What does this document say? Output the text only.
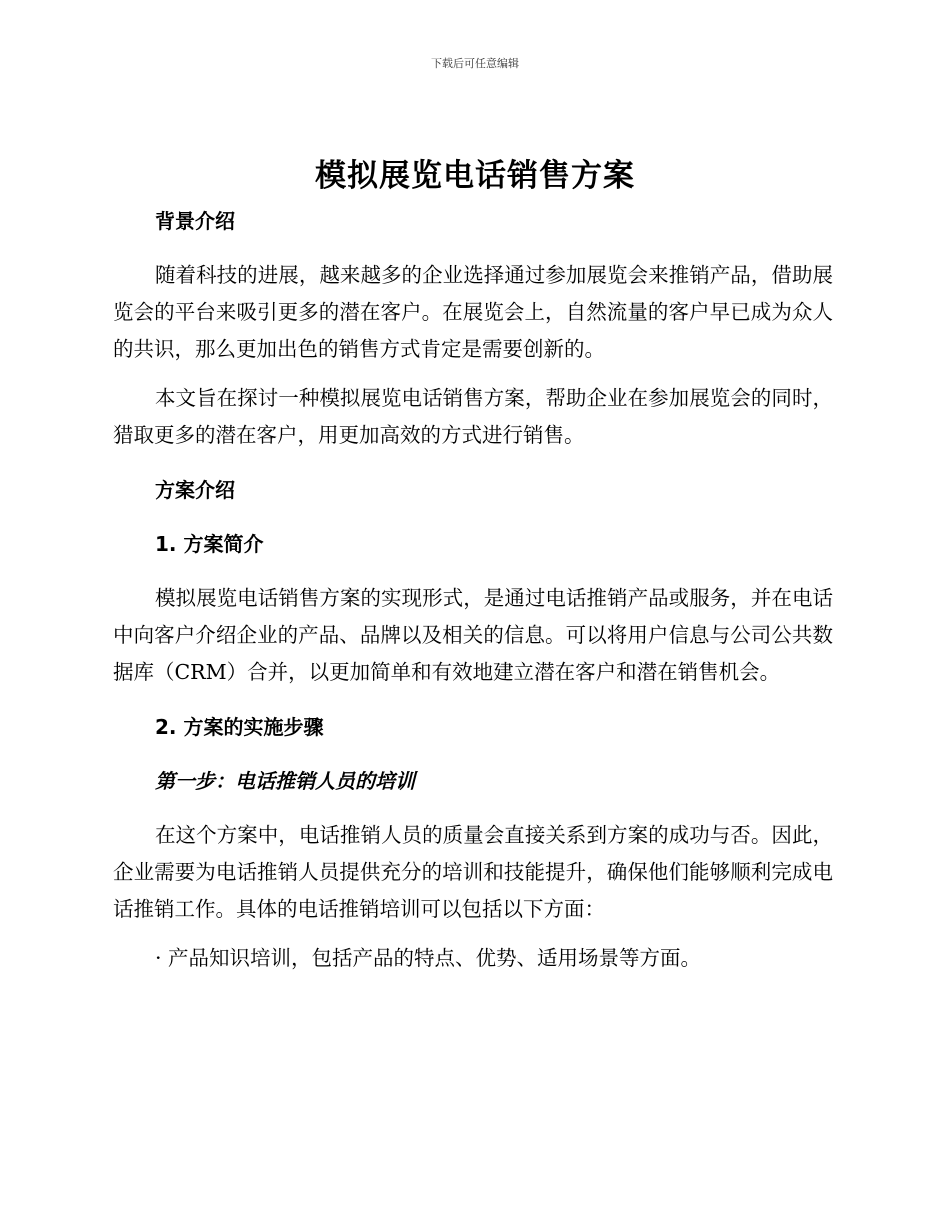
下载后可任意编辑
模拟展览电话销售方案

背景介绍

随着科技的进展，越来越多的企业选择通过参加展览会来推销产品，借助展览会的平台来吸引更多的潜在客户。在展览会上，自然流量的客户早已成为众人的共识，那么更加出色的销售方式肯定是需要创新的。

本文旨在探讨一种模拟展览电话销售方案，帮助企业在参加展览会的同时，猎取更多的潜在客户，用更加高效的方式进行销售。

方案介绍

1. 方案简介

模拟展览电话销售方案的实现形式，是通过电话推销产品或服务，并在电话中向客户介绍企业的产品、品牌以及相关的信息。可以将用户信息与公司公共数据库（CRM）合并，以更加简单和有效地建立潜在客户和潜在销售机会。

2. 方案的实施步骤

第一步：电话推销人员的培训

在这个方案中，电话推销人员的质量会直接关系到方案的成功与否。因此，企业需要为电话推销人员提供充分的培训和技能提升，确保他们能够顺利完成电话推销工作。具体的电话推销培训可以包括以下方面：

· 产品知识培训，包括产品的特点、优势、适用场景等方面。
